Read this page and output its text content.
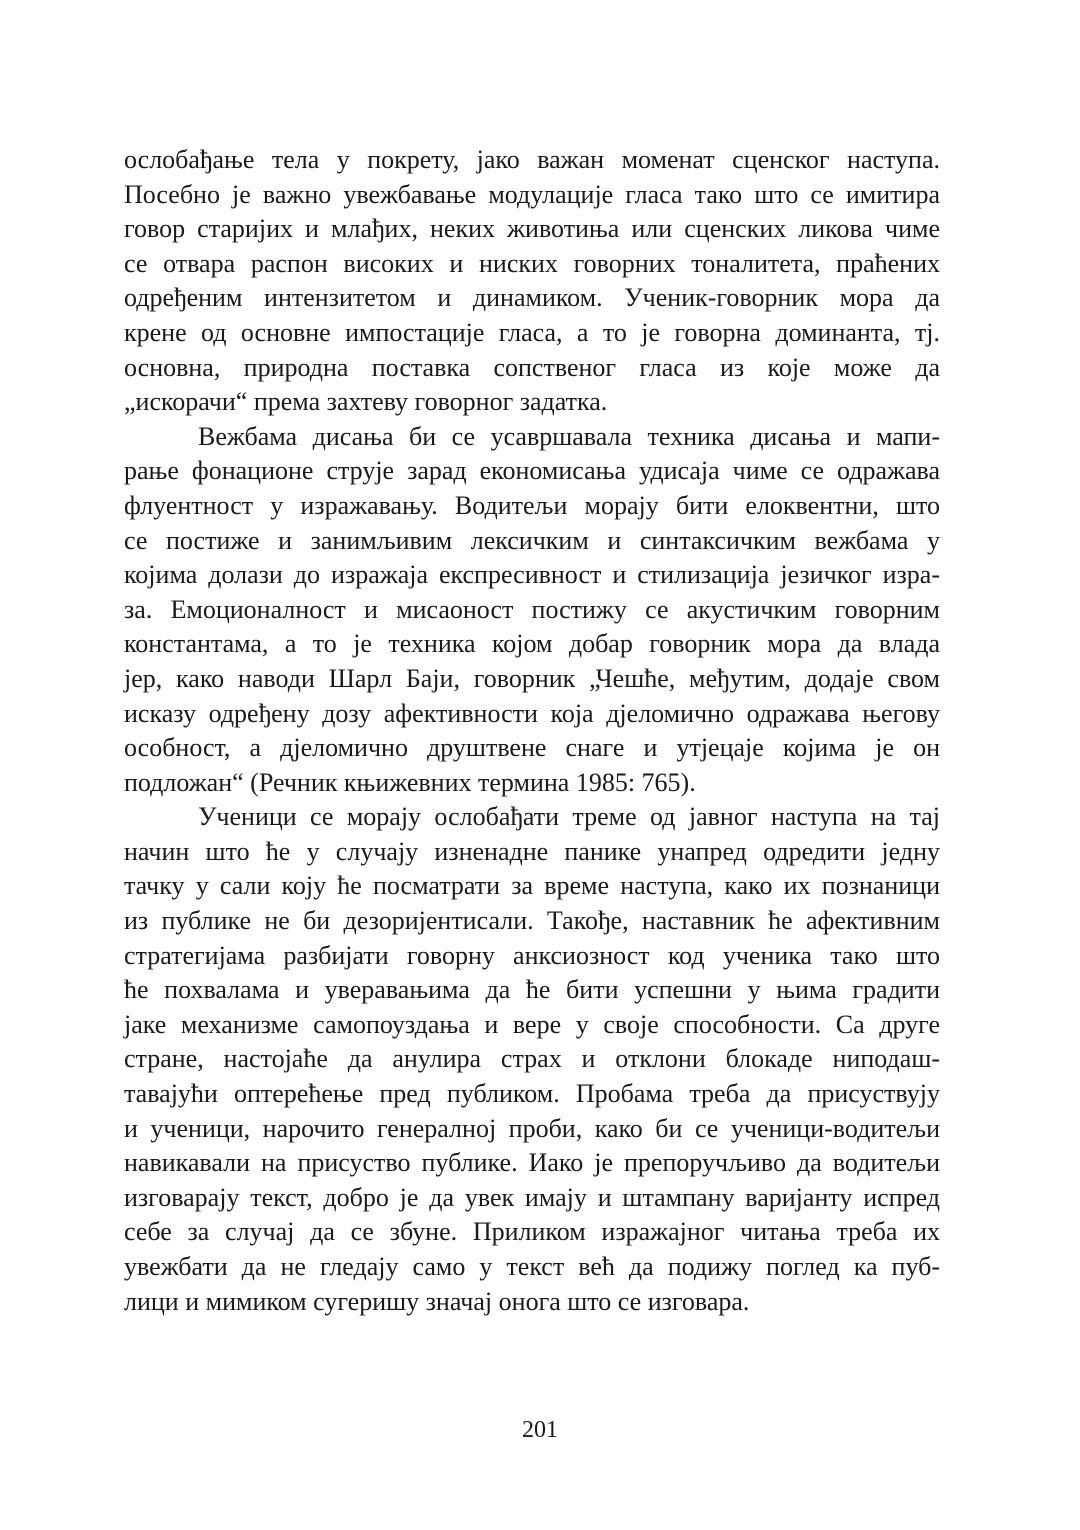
ослобађање тела у покрету, јако важан моменат сценског наступа.
Посебно је важно увежбавање модулације гласа тако што се имитира
говор старијих и млађих, неких животиња или сценских ликова чиме
се отвара распон високих и ниских говорних тоналитета, праћених
одређеним интензитетом и динамиком. Ученик-говорник мора да
крене од основне импостације гласа, а то је говорна доминанта, тј.
основна, природна поставка сопственог гласа из које може да
„искорачи“ према захтеву говорног задатка.
Вежбама дисања би се усавршавала техника дисања и мапи-
рање фонационе струје зарад економисања удисаја чиме се одражава
флуентност у изражавању. Водитељи морају бити елоквентни, што
се постиже и занимљивим лексичким и синтаксичким вежбама у
којима долази до изражаја експресивност и стилизација језичког изра-
за. Емоционалност и мисаоност постижу се акустичким говорним
константама, а то је техника којом добар говорник мора да влада
јер, како наводи Шарл Бaји, говорник „Чешће, међутим, додаје свом
исказу одређену дозу афективности која дјеломично одражава његову
особност, а дјеломично друштвене снаге и утјецаје којима је он
подложан“ (Речник књижевних термина 1985: 765).
Ученици се морају ослобађати треме од јавног наступа на тај
начин што ће у случају изненадне панике унапред одредити једну
тачку у сали коју ће посматрати за време наступа, како их познаници
из публике не би дезоријентисали. Такође, наставник ће афективним
стратегијама разбијати говорну анксиозност код ученика тако што
ће похвалама и уверавањима да ће бити успешни у њима градити
јаке механизме самопоуздања и вере у своје способности. Са друге
стране, настојаће да анулира страх и отклони блокаде ниподаш-
тавајући оптерећење пред публиком. Пробама треба да присуствују
и ученици, нарочито генералној проби, како би се ученици-водитељи
навикавали на присуство публике. Иако је препоручљиво да водитељи
изговарају текст, добро је да увек имају и штампану варијанту испред
себе за случај да се збуне. Приликом изражајног читања треба их
увежбати да не гледају само у текст већ да подижу поглед ка пуб-
лици и мимиком сугеришу значај онога што се изговара.
201
